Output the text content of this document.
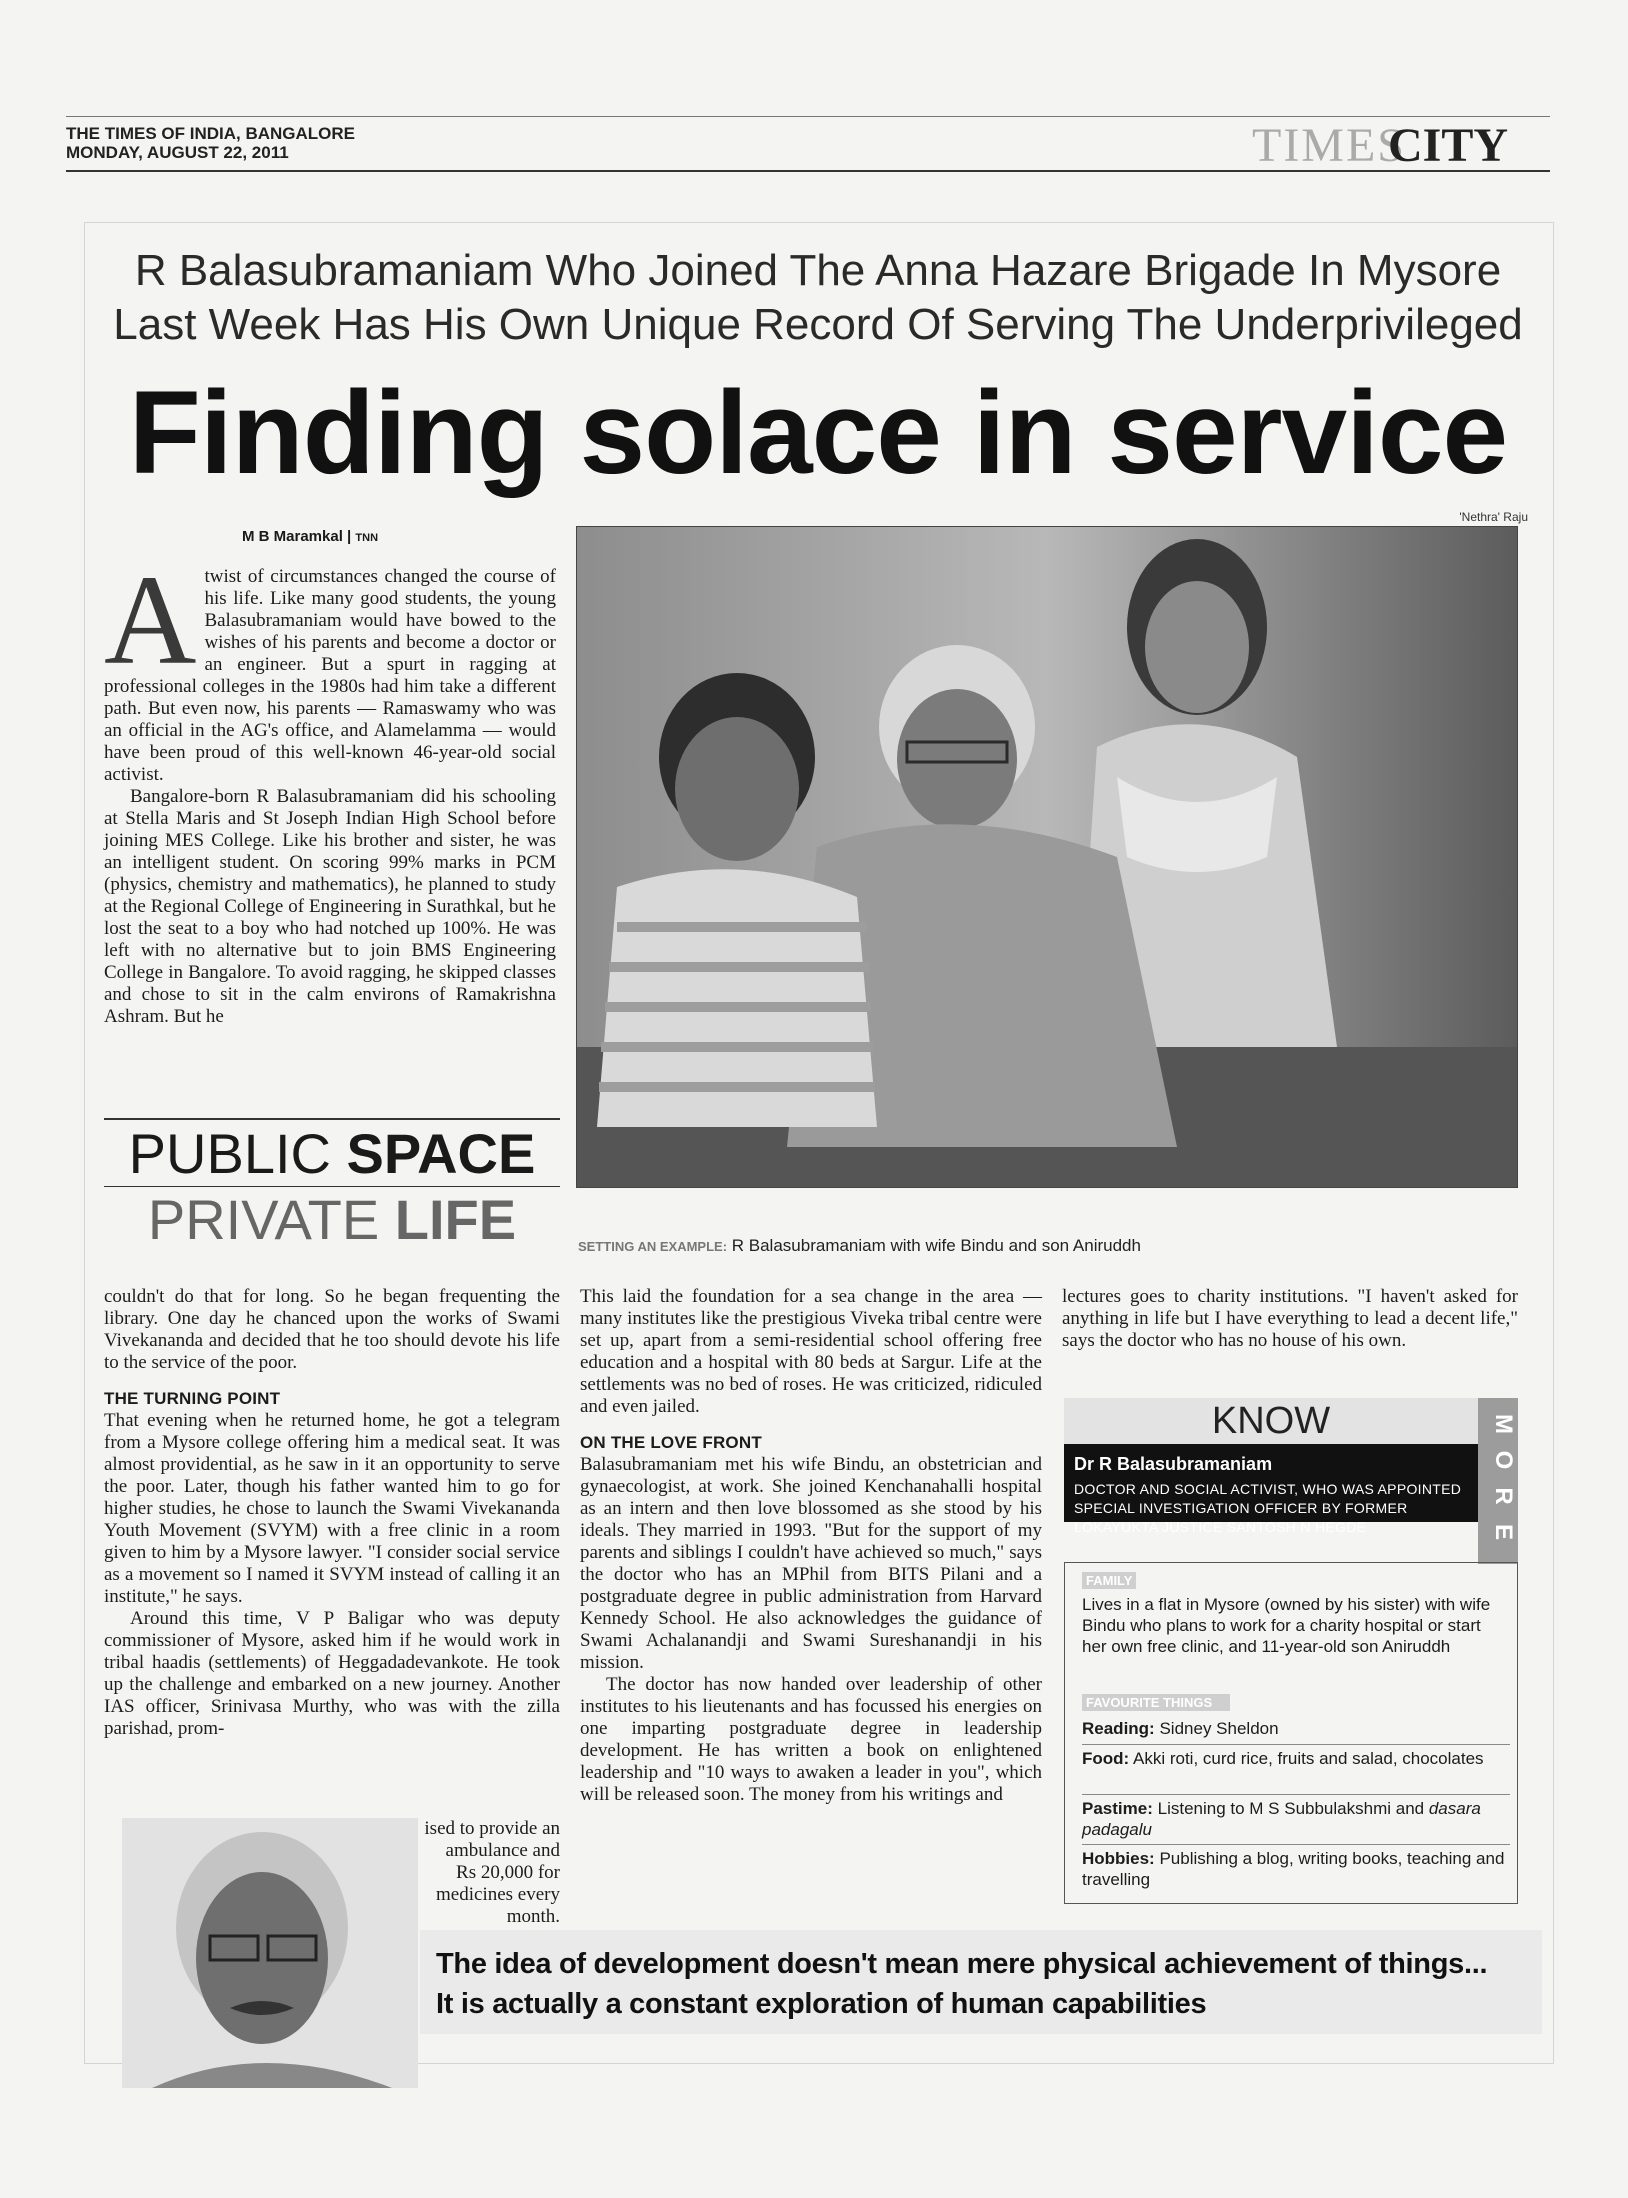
THE TIMES OF INDIA, BANGALORE
MONDAY, AUGUST 22, 2011	TIMES
CITY
R Balasubramaniam Who Joined The Anna Hazare Brigade In Mysore
Last Week Has His Own Unique Record Of Serving The Underprivileged
Finding solace in service
M B Maramkal | TNN
'Nethra' Raju

Atwist of circumstances changed the course of his life. Like many good students, the young Balasubramaniam would have bowed to the wishes of his parents and become a doctor or an engineer. But a spurt in ragging at professional colleges in the 1980s had him take a different path. But even now, his parents — Ramaswamy who was an official in the AG's office, and Alamelamma — would have been proud of this well-known 46-year-old social activist.

Bangalore-born R Balasubramaniam did his schooling at Stella Maris and St Joseph Indian High School before joining MES College. Like his brother and sister, he was an intelligent student. On scoring 99% marks in PCM (physics, chemistry and mathematics), he planned to study at the Regional College of Engineering in Surathkal, but he lost the seat to a boy who had notched up 100%. He was left with no alternative but to join BMS Engineering College in Bangalore. To avoid ragging, he skipped classes and chose to sit in the calm environs of Ramakrishna Ashram. But he

PUBLIC SPACE
PRIVATE LIFE	SETTING AN EXAMPLE: R Balasubramaniam with wife Bindu and son Aniruddh

couldn't do that for long. So he began frequenting the library. One day he chanced upon the works of Swami Vivekananda and decided that he too should devote his life to the service of the poor.

THE TURNING POINT

That evening when he returned home, he got a telegram from a Mysore college offering him a medical seat. It was almost providential, as he saw in it an opportunity to serve the poor. Later, though his father wanted him to go for higher studies, he chose to launch the Swami Vivekananda Youth Movement (SVYM) with a free clinic in a room given to him by a Mysore lawyer. "I consider social service as a movement so I named it SVYM instead of calling it an institute," he says.

Around this time, V P Baligar who was deputy commissioner of Mysore, asked him if he would work in tribal haadis (settlements) of Heggadadevankote. He took up the challenge and embarked on a new journey. Another IAS officer, Srinivasa Murthy, who was with the zilla parishad, prom-

ised to provide an ambulance and Rs 20,000 for medicines every month.

This laid the foundation for a sea change in the area — many institutes like the prestigious Viveka tribal centre were set up, apart from a semi-residential school offering free education and a hospital with 80 beds at Sargur. Life at the settlements was no bed of roses. He was criticized, ridiculed and even jailed.

ON THE LOVE FRONT

Balasubramaniam met his wife Bindu, an obstetrician and gynaecologist, at work. She joined Kenchanahalli hospital as an intern and then love blossomed as she stood by his ideals. They married in 1993. "But for the support of my parents and siblings I couldn't have achieved so much," says the doctor who has an MPhil from BITS Pilani and a postgraduate degree in public administration from Harvard Kennedy School. He also acknowledges the guidance of Swami Achalanandji and Swami Sureshanandji in his mission.

The doctor has now handed over leadership of other institutes to his lieutenants and has focussed his energies on one imparting postgraduate degree in leadership development. He has written a book on enlightened leadership and "10 ways to awaken a leader in you", which will be released soon. The money from his writings and

lectures goes to charity institutions. "I haven't asked for anything in life but I have everything to lead a decent life," says the doctor who has no house of his own.

KNOW	M
O
R
E
Dr R Balasubramaniam
DOCTOR AND SOCIAL ACTIVIST, WHO WAS APPOINTED SPECIAL INVESTIGATION OFFICER BY FORMER LOKAYUKTA JUSTICE SANTOSH N HEGDE
FAMILY
Lives in a flat in Mysore (owned by his sister) with wife Bindu who plans to work for a charity hospital or start her own free clinic, and 11-year-old son Aniruddh
FAVOURITE THINGS
Reading: Sidney Sheldon
Food: Akki roti, curd rice, fruits and salad, chocolates
Pastime: Listening to M S Subbulakshmi and dasara padagalu
Hobbies: Publishing a blog, writing books, teaching and travelling
The idea of development doesn't mean mere physical achievement of things...
It is actually a constant exploration of human capabilities
